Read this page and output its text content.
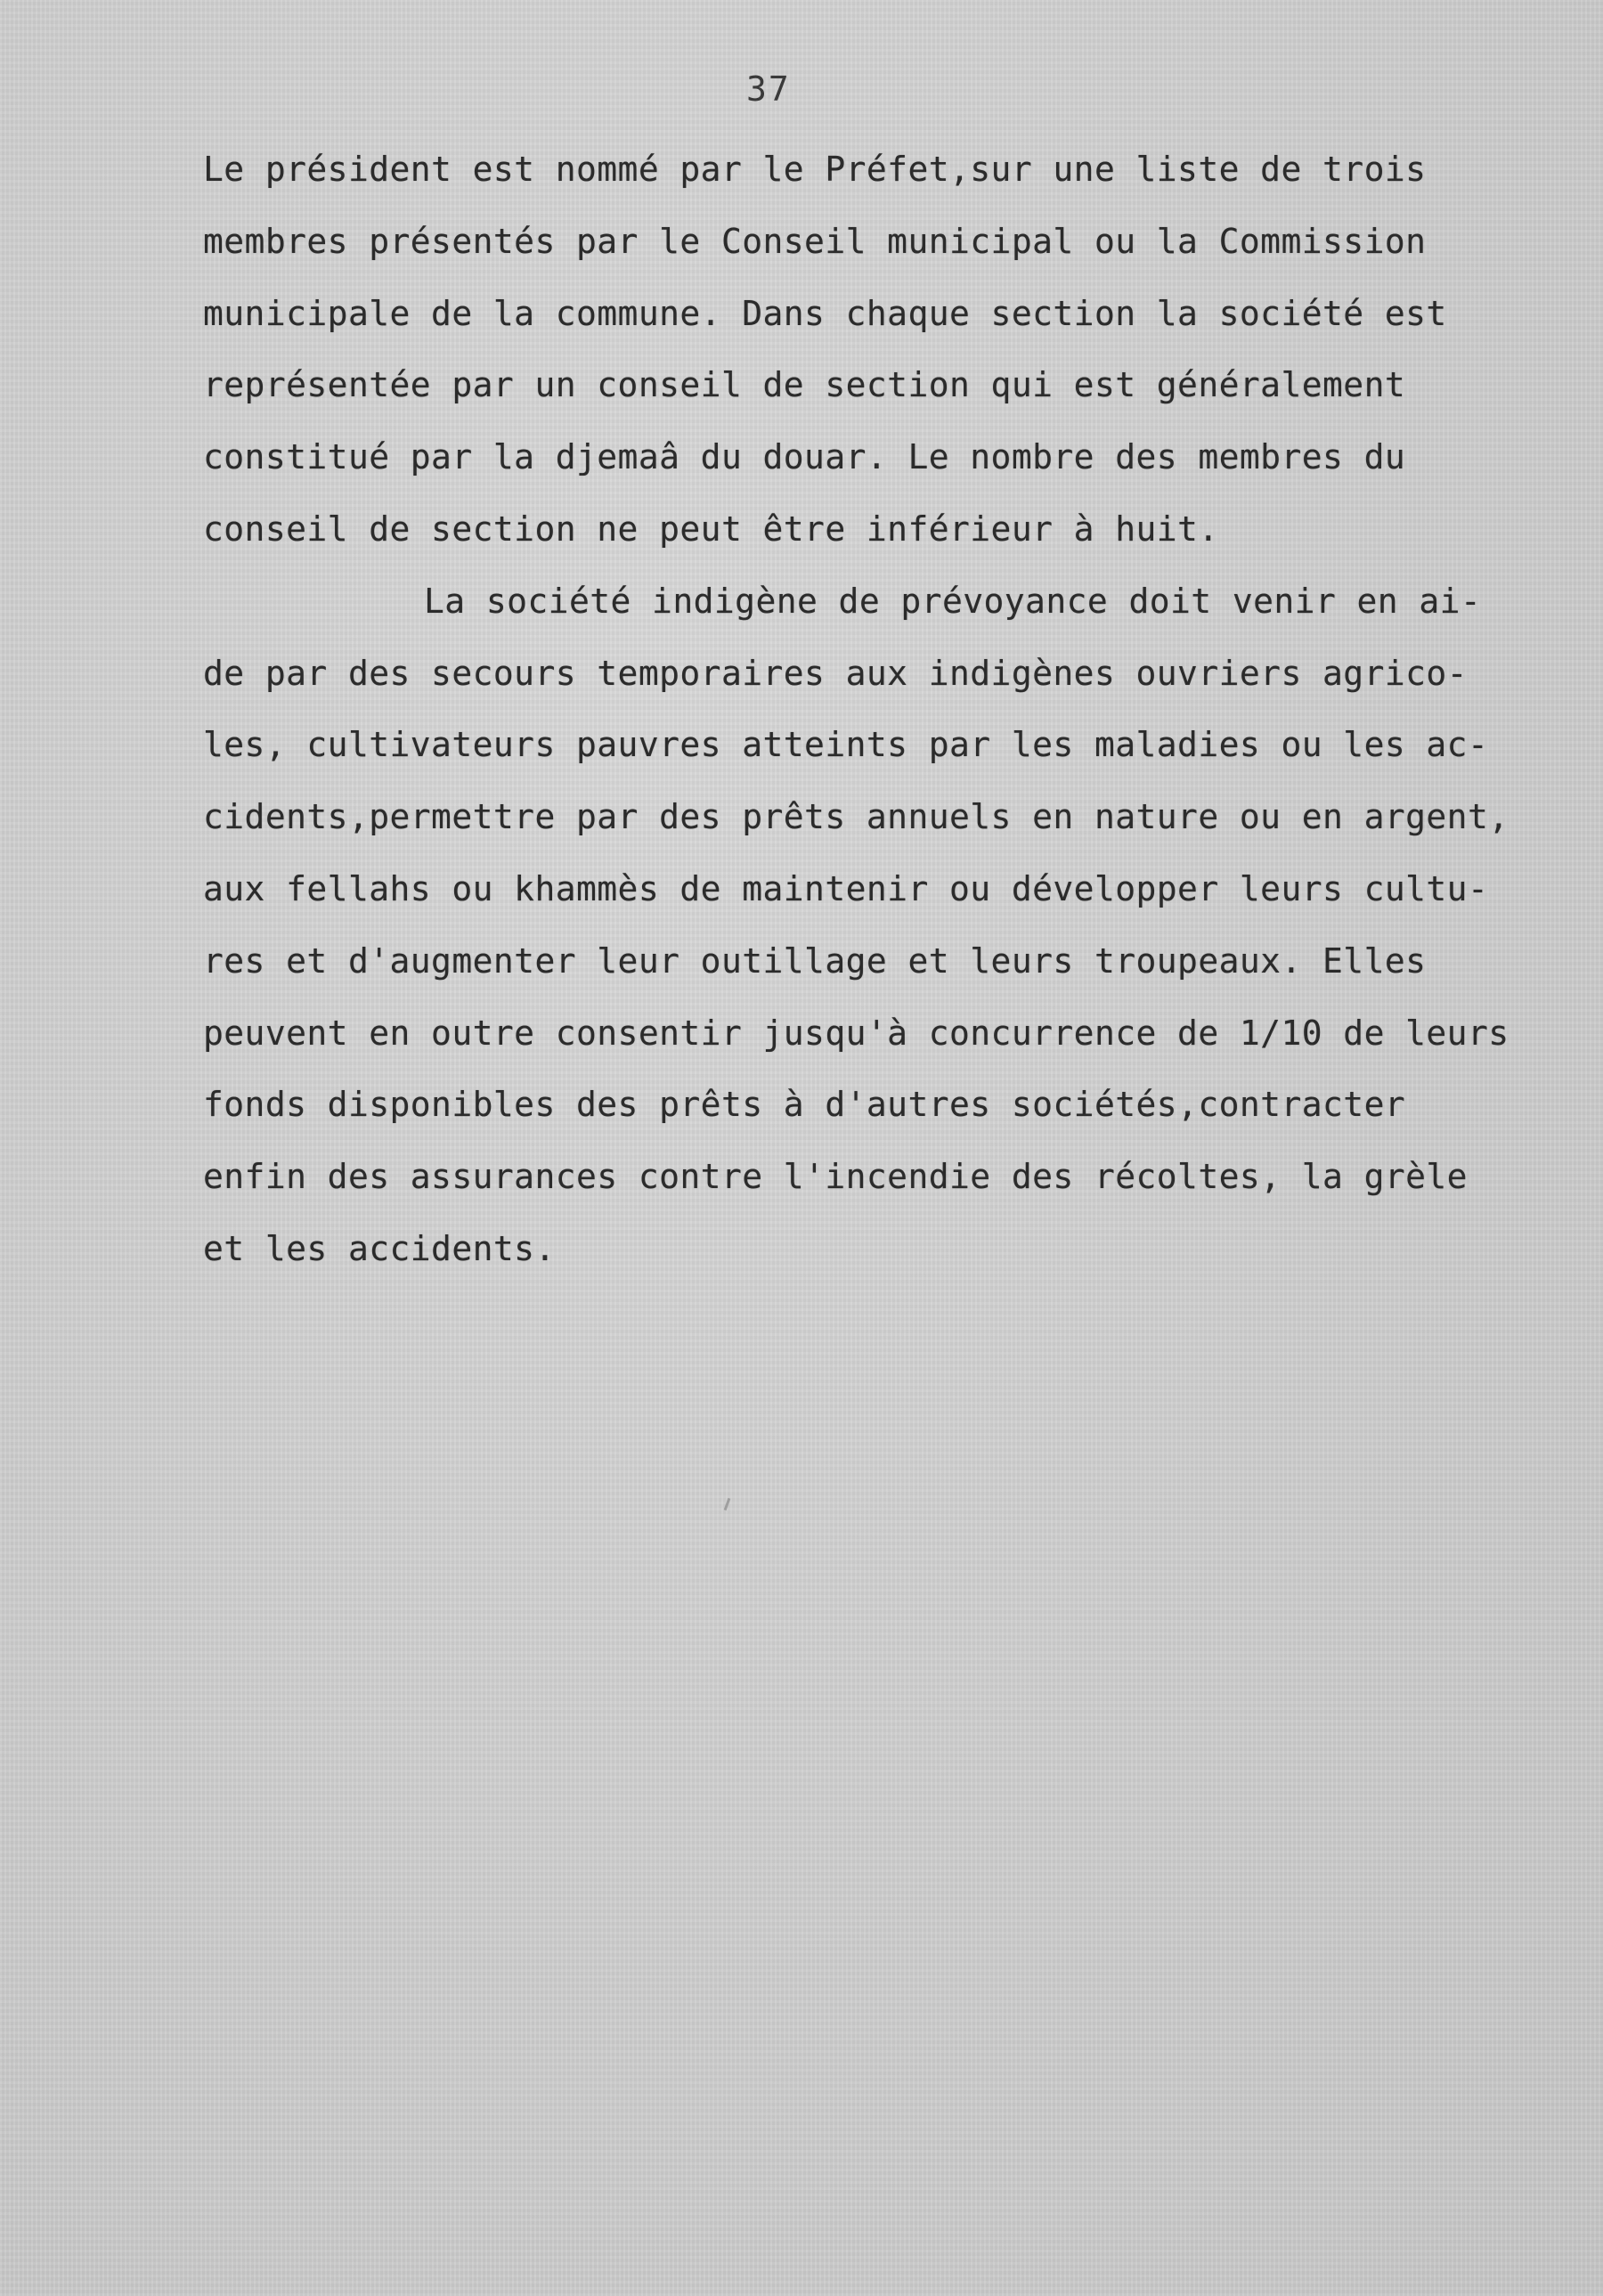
37
Le président est nommé par le Préfet,sur une liste de trois
membres présentés par le Conseil municipal ou la Commission
municipale de la commune. Dans chaque section la société est
représentée par un conseil de section qui est généralement
constitué par la djemaâ du douar. Le nombre des membres du
conseil de section ne peut être inférieur à huit.
La société indigène de prévoyance doit venir en ai-
de par des secours temporaires aux indigènes ouvriers agrico-
les, cultivateurs pauvres atteints par les maladies ou les ac-
cidents,permettre par des prêts annuels en nature ou en argent,
aux fellahs ou khammès de maintenir ou développer leurs cultu-
res et d'augmenter leur outillage et leurs troupeaux. Elles
peuvent en outre consentir jusqu'à concurrence de 1/10 de leurs
fonds disponibles des prêts à d'autres sociétés,contracter
enfin des assurances contre l'incendie des récoltes, la grèle
et les accidents.
